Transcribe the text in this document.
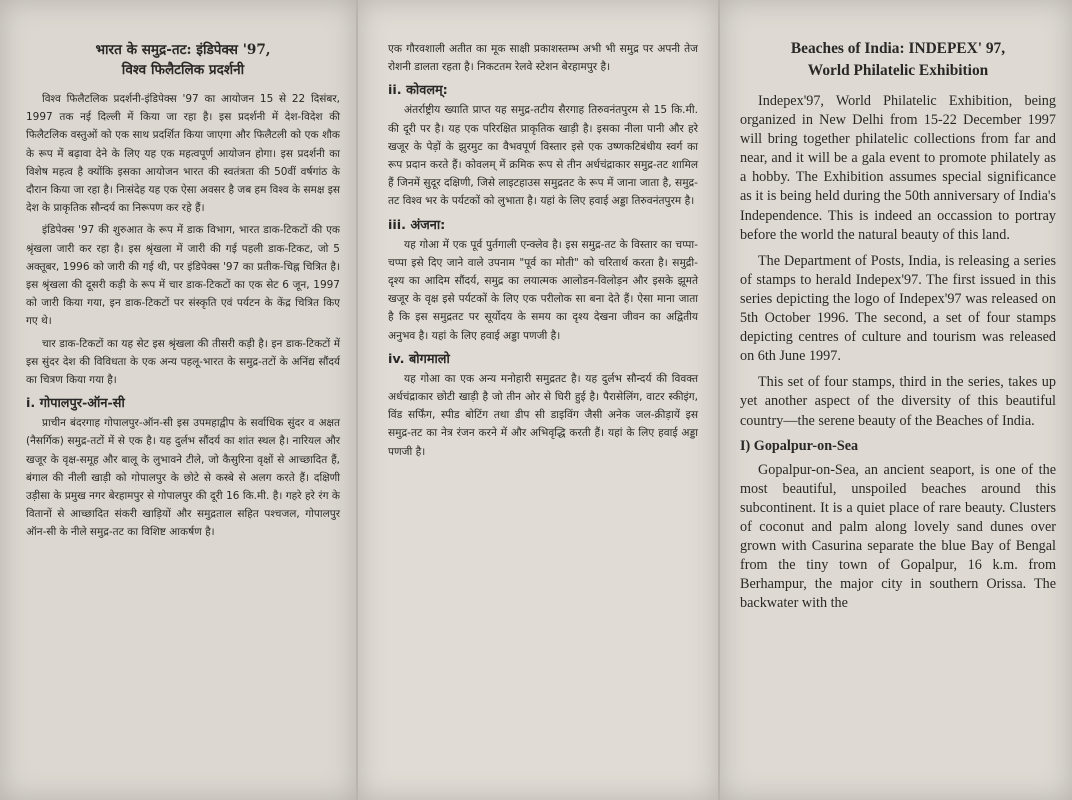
भारत के समुद्र-तट: इंडिपेक्स '97,
विश्व फिलैटलिक प्रदर्शनी

विश्व फिलैटलिक प्रदर्शनी-इंडिपेक्स '97 का आयोजन 15 से 22 दिसंबर, 1997 तक नई दिल्ली में किया जा रहा है। इस प्रदर्शनी में देश-विदेश की फिलैटलिक वस्तुओं को एक साथ प्रदर्शित किया जाएगा और फिलैटली को एक शौक के रूप में बढ़ावा देने के लिए यह एक महत्वपूर्ण आयोजन होगा। इस प्रदर्शनी का विशेष महत्व है क्योंकि इसका आयोजन भारत की स्वतंत्रता की 50वीं वर्षगांठ के दौरान किया जा रहा है। निःसंदेह यह एक ऐसा अवसर है जब हम विश्व के समक्ष इस देश के प्राकृतिक सौन्दर्य का निरूपण कर रहे हैं।

इंडिपेक्स '97 की शुरुआत के रूप में डाक विभाग, भारत डाक-टिकटों की एक श्रृंखला जारी कर रहा है। इस श्रृंखला में जारी की गई पहली डाक-टिकट, जो 5 अक्तूबर, 1996 को जारी की गई थी, पर इंडिपेक्स '97 का प्रतीक-चिह्न चित्रित है। इस श्रृंखला की दूसरी कड़ी के रूप में चार डाक-टिकटों का एक सेट 6 जून, 1997 को जारी किया गया, इन डाक-टिकटों पर संस्कृति एवं पर्यटन के केंद्र चित्रित किए गए थे।

चार डाक-टिकटों का यह सेट इस श्रृंखला की तीसरी कड़ी है। इन डाक-टिकटों में इस सुंदर देश की विविधता के एक अन्य पहलू-भारत के समुद्र-तटों के अनिंद्य सौंदर्य का चित्रण किया गया है।

i. गोपालपुर-ऑन-सी

प्राचीन बंदरगाह गोपालपुर-ऑन-सी इस उपमहाद्वीप के सर्वाधिक सुंदर व अक्षत (नैसर्गिक) समुद्र-तटों में से एक है। यह दुर्लभ सौंदर्य का शांत स्थल है। नारियल और खजूर के वृक्ष-समूह और बालू के लुभावने टीले, जो कैसुरिना वृक्षों से आच्छादित हैं, बंगाल की नीली खाड़ी को गोपालपुर के छोटे से कस्बे से अलग करते हैं। दक्षिणी उड़ीसा के प्रमुख नगर बेरहामपुर से गोपालपुर की दूरी 16 कि.मी. है। गहरे हरे रंग के वितानों से आच्छादित संकरी खाड़ियों और समुद्रताल सहित पश्चजल, गोपालपुर ऑन-सी के नीले समुद्र-तट का विशिष्ट आकर्षण है।

एक गौरवशाली अतीत का मूक साक्षी प्रकाशस्तम्भ अभी भी समुद्र पर अपनी तेज रोशनी डालता रहता है। निकटतम रेलवे स्टेशन बेरहामपुर है।

ii. कोवलम्:

अंतर्राष्ट्रीय ख्याति प्राप्त यह समुद्र-तटीय सैरगाह तिरुवनंतपुरम से 15 कि.मी. की दूरी पर है। यह एक परिरक्षित प्राकृतिक खाड़ी है। इसका नीला पानी और हरे खजूर के पेड़ों के झुरमुट का वैभवपूर्ण विस्तार इसे एक उष्णकटिबंधीय स्वर्ग का रूप प्रदान करते हैं। कोवलम् में क्रमिक रूप से तीन अर्धचंद्राकार समुद्र-तट शामिल हैं जिनमें सुदूर दक्षिणी, जिसे लाइटहाउस समुद्रतट के रूप में जाना जाता है, समुद्र-तट विश्व भर के पर्यटकों को लुभाता है। यहां के लिए हवाई अड्डा तिरुवनंतपुरम है।

iii. अंजना:

यह गोआ में एक पूर्व पुर्तगाली एन्क्लेव है। इस समुद्र-तट के विस्तार का चप्पा-चप्पा इसे दिए जाने वाले उपनाम "पूर्व का मोती" को चरितार्थ करता है। समुद्री-दृश्य का आदिम सौंदर्य, समुद्र का लयात्मक आलोडन-विलोड़न और इसके झूमते खजूर के वृक्ष इसे पर्यटकों के लिए एक परीलोक सा बना देते हैं। ऐसा माना जाता है कि इस समुद्रतट पर सूर्योदय के समय का दृश्य देखना जीवन का अद्वितीय अनुभव है। यहां के लिए हवाई अड्डा पणजी है।

iv. बोगमालो

यह गोआ का एक अन्य मनोहारी समुद्रतट है। यह दुर्लभ सौन्दर्य की विवक्त अर्धचंद्राकार छोटी खाड़ी है जो तीन ओर से घिरी हुई है। पैरासेलिंग, वाटर स्कीइंग, विंड सर्फिंग, स्पीड बोटिंग तथा डीप सी डाइविंग जैसी अनेक जल-क्रीड़ायें इस समुद्र-तट का नेत्र रंजन करने में और अभिवृद्धि करती हैं। यहां के लिए हवाई अड्डा पणजी है।

Beaches of India: INDEPEX' 97,
World Philatelic Exhibition

Indepex'97, World Philatelic Exhibition, being organized in New Delhi from 15-22 December 1997 will bring together philatelic collections from far and near, and it will be a gala event to promote philately as a hobby. The Exhibition assumes special significance as it is being held during the 50th anniversary of India's Independence. This is indeed an occassion to portray before the world the natural beauty of this land.

The Department of Posts, India, is releasing a series of stamps to herald Indepex'97. The first issued in this series depicting the logo of Indepex'97 was released on 5th October 1996. The second, a set of four stamps depicting centres of culture and tourism was released on 6th June 1997.

This set of four stamps, third in the series, takes up yet another aspect of the diversity of this beautiful country—the serene beauty of the Beaches of India.

I) Gopalpur-on-Sea

Gopalpur-on-Sea, an ancient seaport, is one of the most beautiful, unspoiled beaches around this subcontinent. It is a quiet place of rare beauty. Clusters of coconut and palm along lovely sand dunes over grown with Casurina separate the blue Bay of Bengal from the tiny town of Gopalpur, 16 k.m. from Berhampur, the major city in southern Orissa. The backwater with the
